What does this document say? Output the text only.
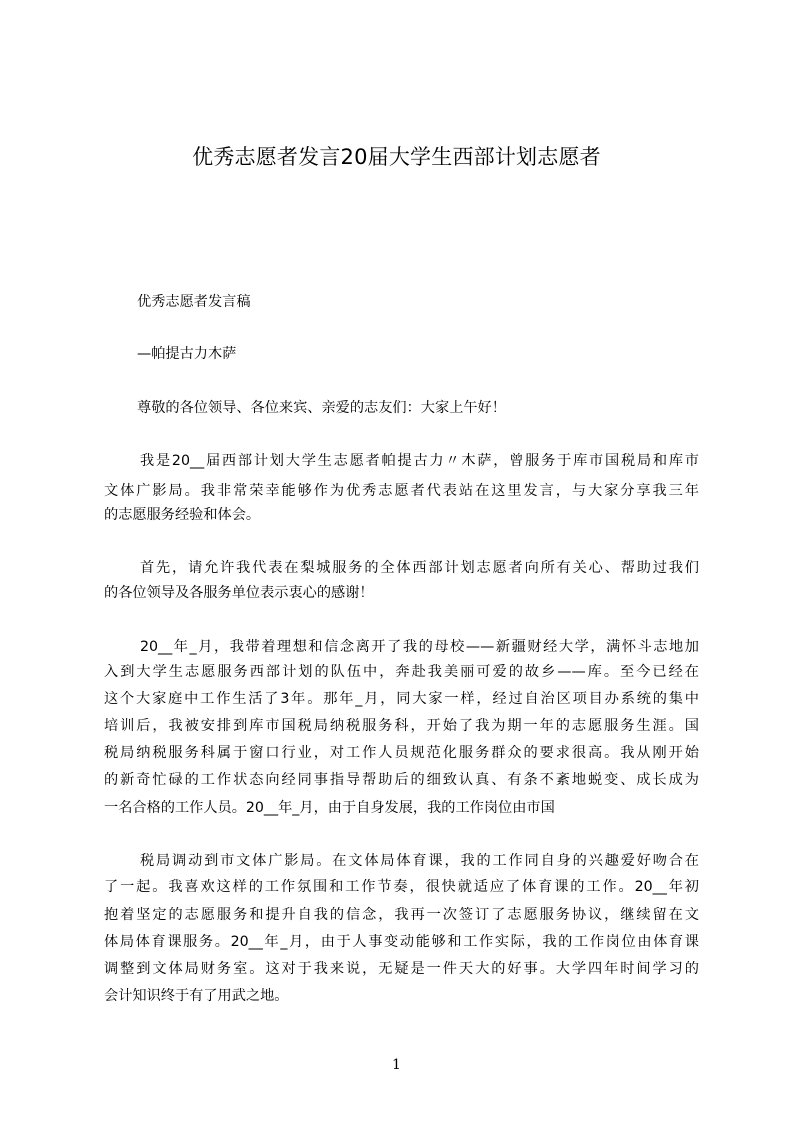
优秀志愿者发言20届大学生西部计划志愿者
优秀志愿者发言稿
—帕提古力木萨
尊敬的各位领导、各位来宾、亲爱的志友们：大家上午好！
我是20__届西部计划大学生志愿者帕提古力〃木萨，曾服务于库市国税局和库市
文体广影局。我非常荣幸能够作为优秀志愿者代表站在这里发言，与大家分享我三年
的志愿服务经验和体会。
首先，请允许我代表在梨城服务的全体西部计划志愿者向所有关心、帮助过我们
的各位领导及各服务单位表示衷心的感谢！
20__年_月，我带着理想和信念离开了我的母校——新疆财经大学，满怀斗志地加
入到大学生志愿服务西部计划的队伍中，奔赴我美丽可爱的故乡——库。至今已经在
这个大家庭中工作生活了3年。那年_月，同大家一样，经过自治区项目办系统的集中
培训后，我被安排到库市国税局纳税服务科，开始了我为期一年的志愿服务生涯。国
税局纳税服务科属于窗口行业，对工作人员规范化服务群众的要求很高。我从刚开始
的新奇忙碌的工作状态向经同事指导帮助后的细致认真、有条不紊地蜕变、成长成为
一名合格的工作人员。20__年_月，由于自身发展，我的工作岗位由市国
税局调动到市文体广影局。在文体局体育课，我的工作同自身的兴趣爱好吻合在
了一起。我喜欢这样的工作氛围和工作节奏，很快就适应了体育课的工作。20__年初
抱着坚定的志愿服务和提升自我的信念，我再一次签订了志愿服务协议，继续留在文
体局体育课服务。20__年_月，由于人事变动能够和工作实际，我的工作岗位由体育课
调整到文体局财务室。这对于我来说，无疑是一件天大的好事。大学四年时间学习的
会计知识终于有了用武之地。
1
